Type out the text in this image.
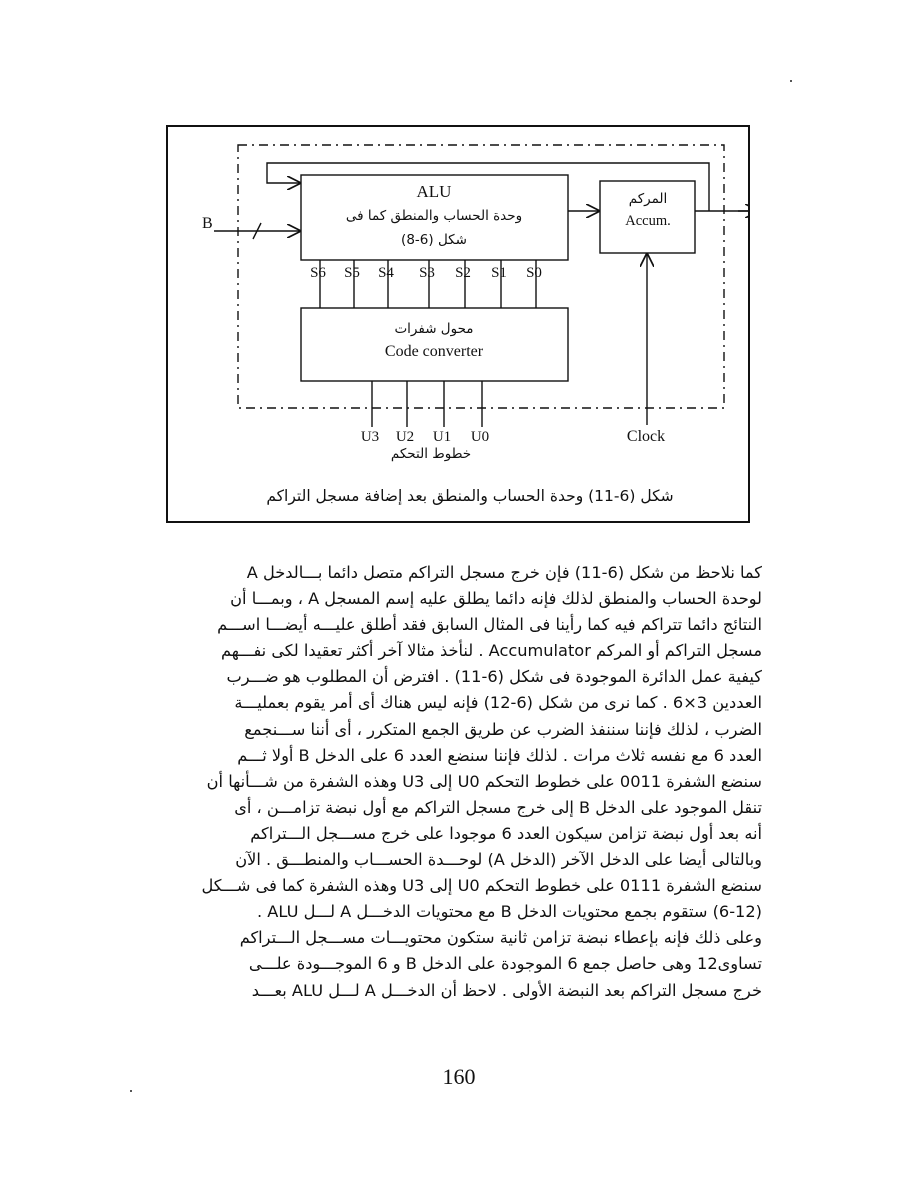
ALU
وحدة الحساب والمنطق كما فى
شكل (6-8)
المركم
Accum.
B
S6 S5 S4 S3 S2 S1 S0
محول شفرات
Code converter
U3 U2 U1 U0
خطوط التحكم
Clock
شكل (6-11) وحدة الحساب والمنطق بعد إضافة مسجل التراكم
كما نلاحظ من شكل (6-11) فإن خرج مسجل التراكم متصل دائما بـــالدخل A
لوحدة الحساب والمنطق لذلك فإنه دائما يطلق عليه إسم المسجل A ، وبمـــا أن
النتائج دائما تتراكم فيه كما رأينا فى المثال السابق فقد أطلق عليـــه أيضـــا اســـم
مسجل التراكم أو المركم Accumulator . لنأخذ مثالا آخر أكثر تعقيدا لكى نفـــهم
كيفية عمل الدائرة الموجودة فى شكل (6-11) . افترض أن المطلوب هو ضـــرب
العددين 3×6 . كما نرى من شكل (6-12) فإنه ليس هناك أى أمر يقوم بعمليـــة
الضرب ، لذلك فإننا سننفذ الضرب عن طريق الجمع المتكرر ، أى أننا ســـنجمع
العدد 6 مع نفسه ثلاث مرات . لذلك فإننا سنضع العدد 6 على الدخل B أولا ثـــم
سنضع الشفرة 0011 على خطوط التحكم U0 إلى U3 وهذه الشفرة من شـــأنها أن
تنقل الموجود على الدخل B إلى خرج مسجل التراكم مع أول نبضة تزامـــن ، أى
أنه بعد أول نبضة تزامن سيكون العدد 6 موجودا على خرج مســـجل الـــتراكم
وبالتالى أيضا على الدخل الآخر (الدخل A) لوحـــدة الحســـاب والمنطـــق . الآن
سنضع الشفرة 0111 على خطوط التحكم U0 إلى U3 وهذه الشفرة كما فى شـــكل
(6-12) ستقوم بجمع محتويات الدخل B مع محتويات الدخـــل A لـــل ALU .
وعلى ذلك فإنه بإعطاء نبضة تزامن ثانية ستكون محتويـــات مســـجل الـــتراكم
تساوى12 وهى حاصل جمع 6 الموجودة على الدخل B و 6 الموجـــودة علـــى
خرج مسجل التراكم بعد النبضة الأولى . لاحظ أن الدخـــل A لـــل ALU بعـــد
160
